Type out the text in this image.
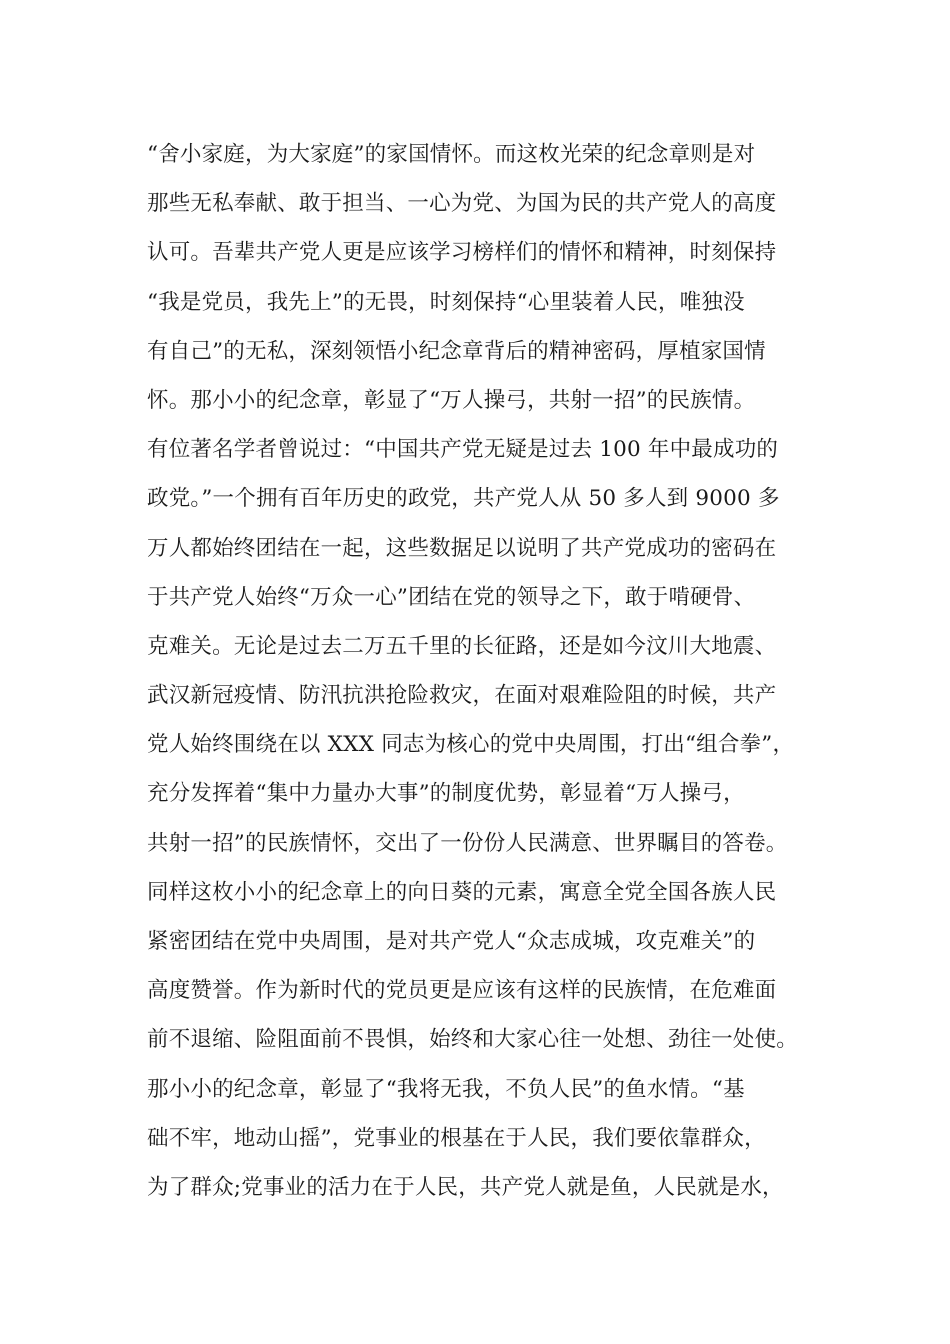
“舍小家庭，为大家庭”的家国情怀。而这枚光荣的纪念章则是对
那些无私奉献、敢于担当、一心为党、为国为民的共产党人的高度
认可。吾辈共产党人更是应该学习榜样们的情怀和精神，时刻保持
“我是党员，我先上”的无畏，时刻保持“心里装着人民，唯独没
有自己”的无私，深刻领悟小纪念章背后的精神密码，厚植家国情
怀。那小小的纪念章，彰显了“万人操弓，共射一招”的民族情。
有位著名学者曾说过：“中国共产党无疑是过去 100 年中最成功的
政党。”一个拥有百年历史的政党，共产党人从 50 多人到 9000 多
万人都始终团结在一起，这些数据足以说明了共产党成功的密码在
于共产党人始终“万众一心”团结在党的领导之下，敢于啃硬骨、
克难关。无论是过去二万五千里的长征路，还是如今汶川大地震、
武汉新冠疫情、防汛抗洪抢险救灾，在面对艰难险阻的时候，共产
党人始终围绕在以 XXX 同志为核心的党中央周围，打出“组合拳”，
充分发挥着“集中力量办大事”的制度优势，彰显着“万人操弓，
共射一招”的民族情怀，交出了一份份人民满意、世界瞩目的答卷。
同样这枚小小的纪念章上的向日葵的元素，寓意全党全国各族人民
紧密团结在党中央周围，是对共产党人“众志成城，攻克难关”的
高度赞誉。作为新时代的党员更是应该有这样的民族情，在危难面
前不退缩、险阻面前不畏惧，始终和大家心往一处想、劲往一处使。
那小小的纪念章，彰显了“我将无我，不负人民”的鱼水情。“基
础不牢，地动山摇”，党事业的根基在于人民，我们要依靠群众，
为了群众;党事业的活力在于人民，共产党人就是鱼，人民就是水，
